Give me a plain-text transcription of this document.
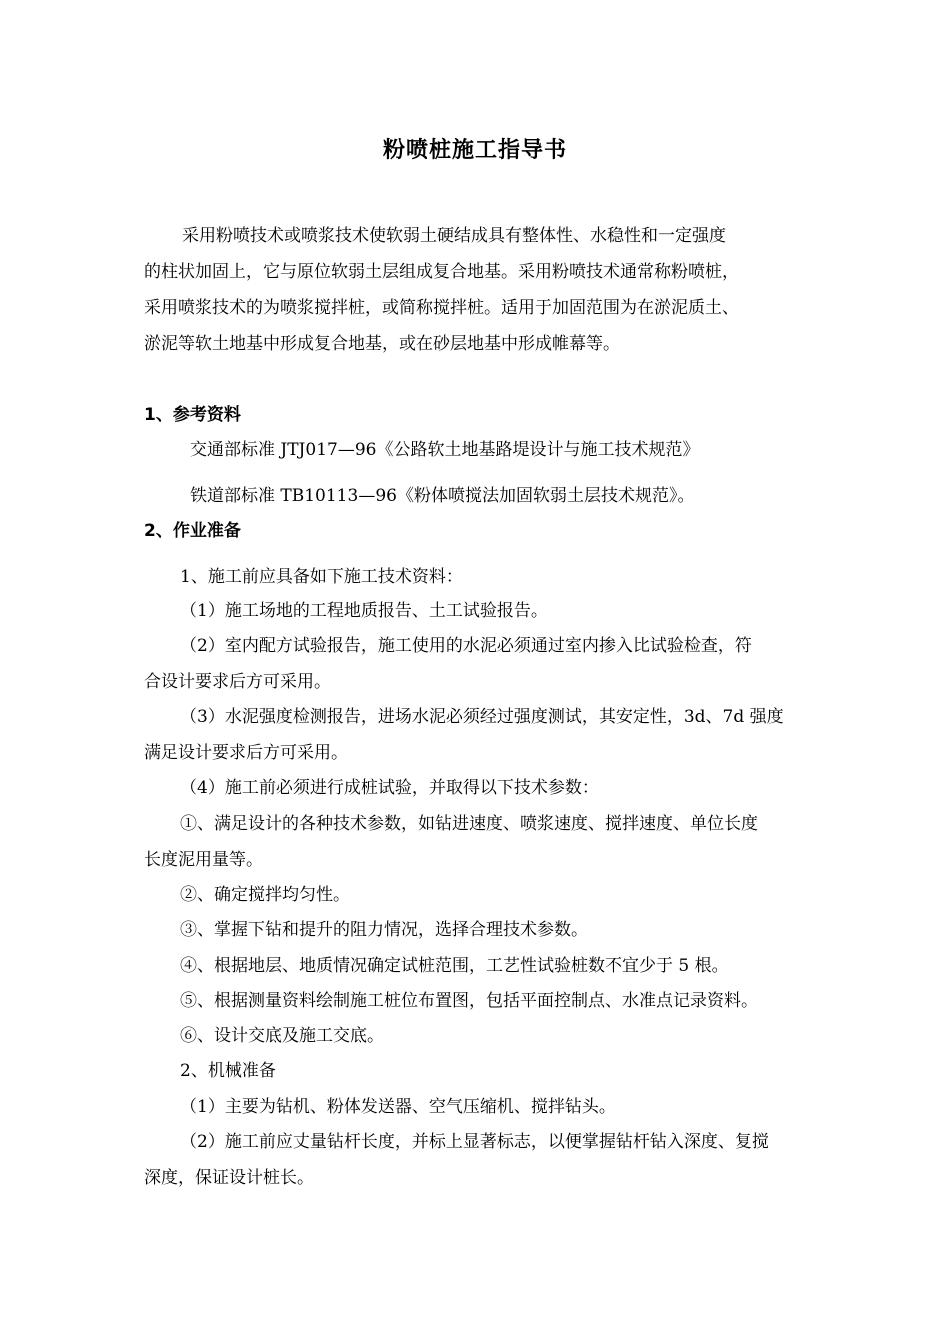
粉喷桩施工指导书
采用粉喷技术或喷浆技术使软弱土硬结成具有整体性、水稳性和一定强度
的柱状加固上，它与原位软弱土层组成复合地基。采用粉喷技术通常称粉喷桩，
采用喷浆技术的为喷浆搅拌桩，或简称搅拌桩。适用于加固范围为在淤泥质土、
淤泥等软土地基中形成复合地基，或在砂层地基中形成帷幕等。
1、参考资料
交通部标准 JTJ017—96《公路软土地基路堤设计与施工技术规范》
铁道部标准 TB10113—96《粉体喷搅法加固软弱土层技术规范》。
2、作业准备
1、施工前应具备如下施工技术资料：
（1）施工场地的工程地质报告、土工试验报告。
（2）室内配方试验报告，施工使用的水泥必须通过室内掺入比试验检查，符
合设计要求后方可采用。
（3）水泥强度检测报告，进场水泥必须经过强度测试，其安定性，3d、7d 强度
满足设计要求后方可采用。
（4）施工前必须进行成桩试验，并取得以下技术参数：
①、满足设计的各种技术参数，如钻进速度、喷浆速度、搅拌速度、单位长度
长度泥用量等。
②、确定搅拌均匀性。
③、掌握下钻和提升的阻力情况，选择合理技术参数。
④、根据地层、地质情况确定试桩范围，工艺性试验桩数不宜少于 5 根。
⑤、根据测量资料绘制施工桩位布置图，包括平面控制点、水准点记录资料。
⑥、设计交底及施工交底。
2、机械准备
（1）主要为钻机、粉体发送器、空气压缩机、搅拌钻头。
（2）施工前应丈量钻杆长度，并标上显著标志，以便掌握钻杆钻入深度、复搅
深度，保证设计桩长。
